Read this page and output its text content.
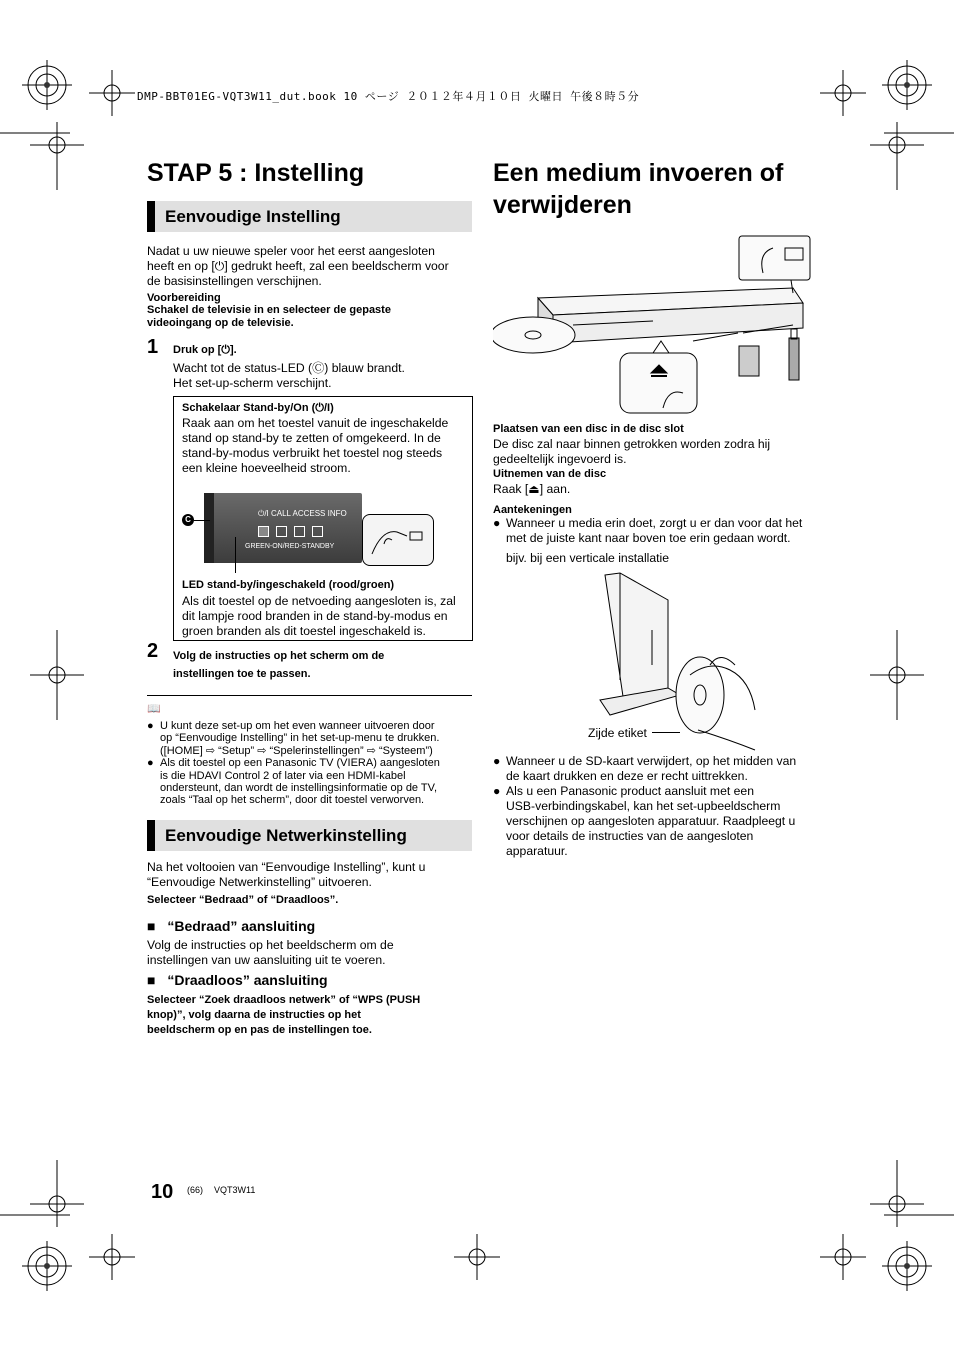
DMP-BBT01EG-VQT3W11_dut.book 10 ページ ２０１２年４月１０日 火曜日 午後８時５分
STAP 5 : Instelling
Eenvoudige Instelling
Nadat u uw nieuwe speler voor het eerst aangesloten
heeft en op [⏻] gedrukt heeft, zal een beeldscherm voor
de basisinstellingen verschijnen.
Voorbereiding
Schakel de televisie in en selecteer de gepaste
videoingang op de televisie.
1 Druk op [⏻].
Wacht tot de status-LED (Ⓒ) blauw brandt.
Het set-up-scherm verschijnt.
Schakelaar Stand-by/On (⏻/I)
Raak aan om het toestel vanuit de ingeschakelde
stand op stand-by te zetten of omgekeerd. In de
stand-by-modus verbruikt het toestel nog steeds
een kleine hoeveelheid stroom.
⏻/I CALL ACCESS INFO
GREEN-ON/RED-STANDBY
C
LED stand-by/ingeschakeld (rood/groen)
Als dit toestel op de netvoeding aangesloten is, zal
dit lampje rood branden in de stand-by-modus en
groen branden als dit toestel ingeschakeld is.
2 Volg de instructies op het scherm om de
instellingen toe te passen.
📖
● U kunt deze set-up om het even wanneer uitvoeren door
op “Eenvoudige Instelling” in het set-up-menu te drukken.
([HOME] ⇨ “Setup” ⇨ “Spelerinstellingen” ⇨ “Systeem”)
● Als dit toestel op een Panasonic TV (VIERA) aangesloten
is die HDAVI Control 2 of later via een HDMI-kabel
ondersteunt, dan wordt de instellingsinformatie op de TV,
zoals “Taal op het scherm”, door dit toestel verworven.
Eenvoudige Netwerkinstelling
Na het voltooien van “Eenvoudige Instelling”, kunt u
“Eenvoudige Netwerkinstelling” uitvoeren.
Selecteer “Bedraad” of “Draadloos”.
■ “Bedraad” aansluiting
Volg de instructies op het beeldscherm om de
instellingen van uw aansluiting uit te voeren.
■ “Draadloos” aansluiting
Selecteer “Zoek draadloos netwerk” of “WPS (PUSH
knop)”, volg daarna de instructies op het
beeldscherm op en pas de instellingen toe.
Een medium invoeren of
verwijderen
Plaatsen van een disc in de disc slot
De disc zal naar binnen getrokken worden zodra hij
gedeeltelijk ingevoerd is.
Uitnemen van de disc
Raak [⏏] aan.
Aantekeningen
● Wanneer u media erin doet, zorgt u er dan voor dat het
met de juiste kant naar boven toe erin gedaan wordt.
bijv. bij een verticale installatie
Zijde etiket
● Wanneer u de SD-kaart verwijdert, op het midden van
de kaart drukken en deze er recht uittrekken.
● Als u een Panasonic product aansluit met een
USB-verbindingskabel, kan het set-upbeeldscherm
verschijnen op aangesloten apparatuur. Raadpleegt u
voor details de instructies van de aangesloten
apparatuur.
10 (66) VQT3W11
